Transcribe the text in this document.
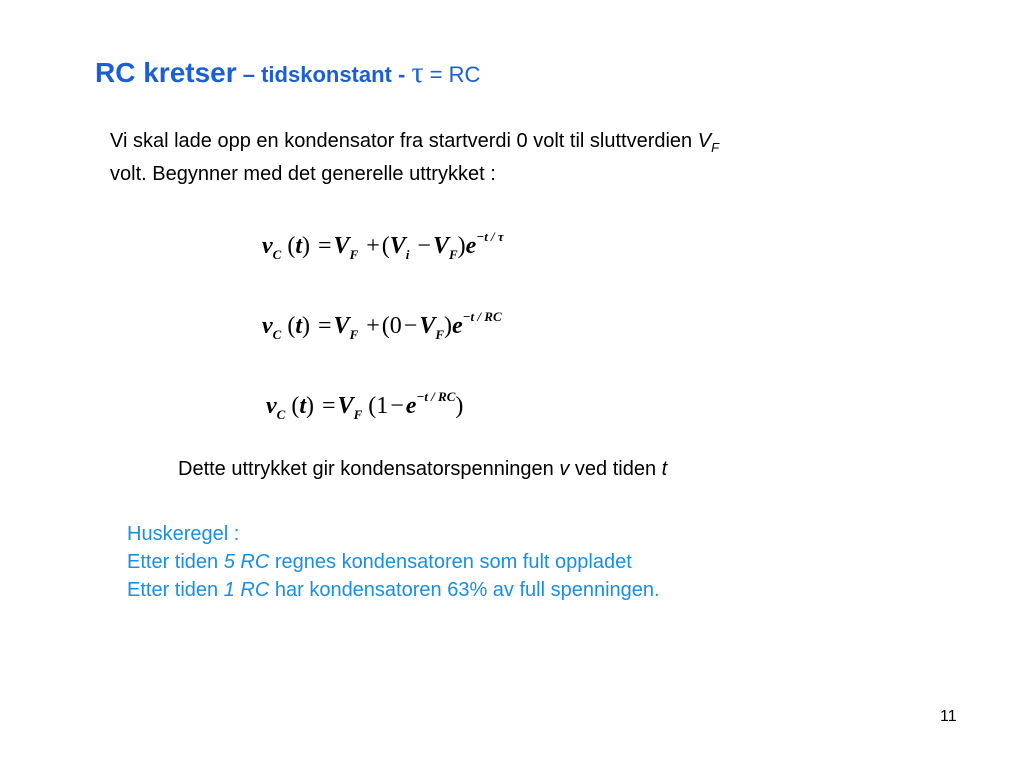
RC kretser – tidskonstant - τ = RC
Vi skal lade opp en kondensator fra startverdi 0 volt til sluttverdien $V_F$
volt. Begynner med det generelle uttrykket :
$v_C$ $(t) =V_F +(V_i -V_F)e^{-t / \tau}$
$v_C$ $(t) =V_F +(0-V_F)e^{-t / RC}$
$v_C$ $(t) =V_F$ $(1-e^{-t / RC})$
Dette uttrykket gir kondensatorspenningen v ved tiden t
Huskeregel :
Etter tiden 5 RC regnes kondensatoren som fult oppladet
Etter tiden 1 RC har kondensatoren 63% av full spenningen.
11
